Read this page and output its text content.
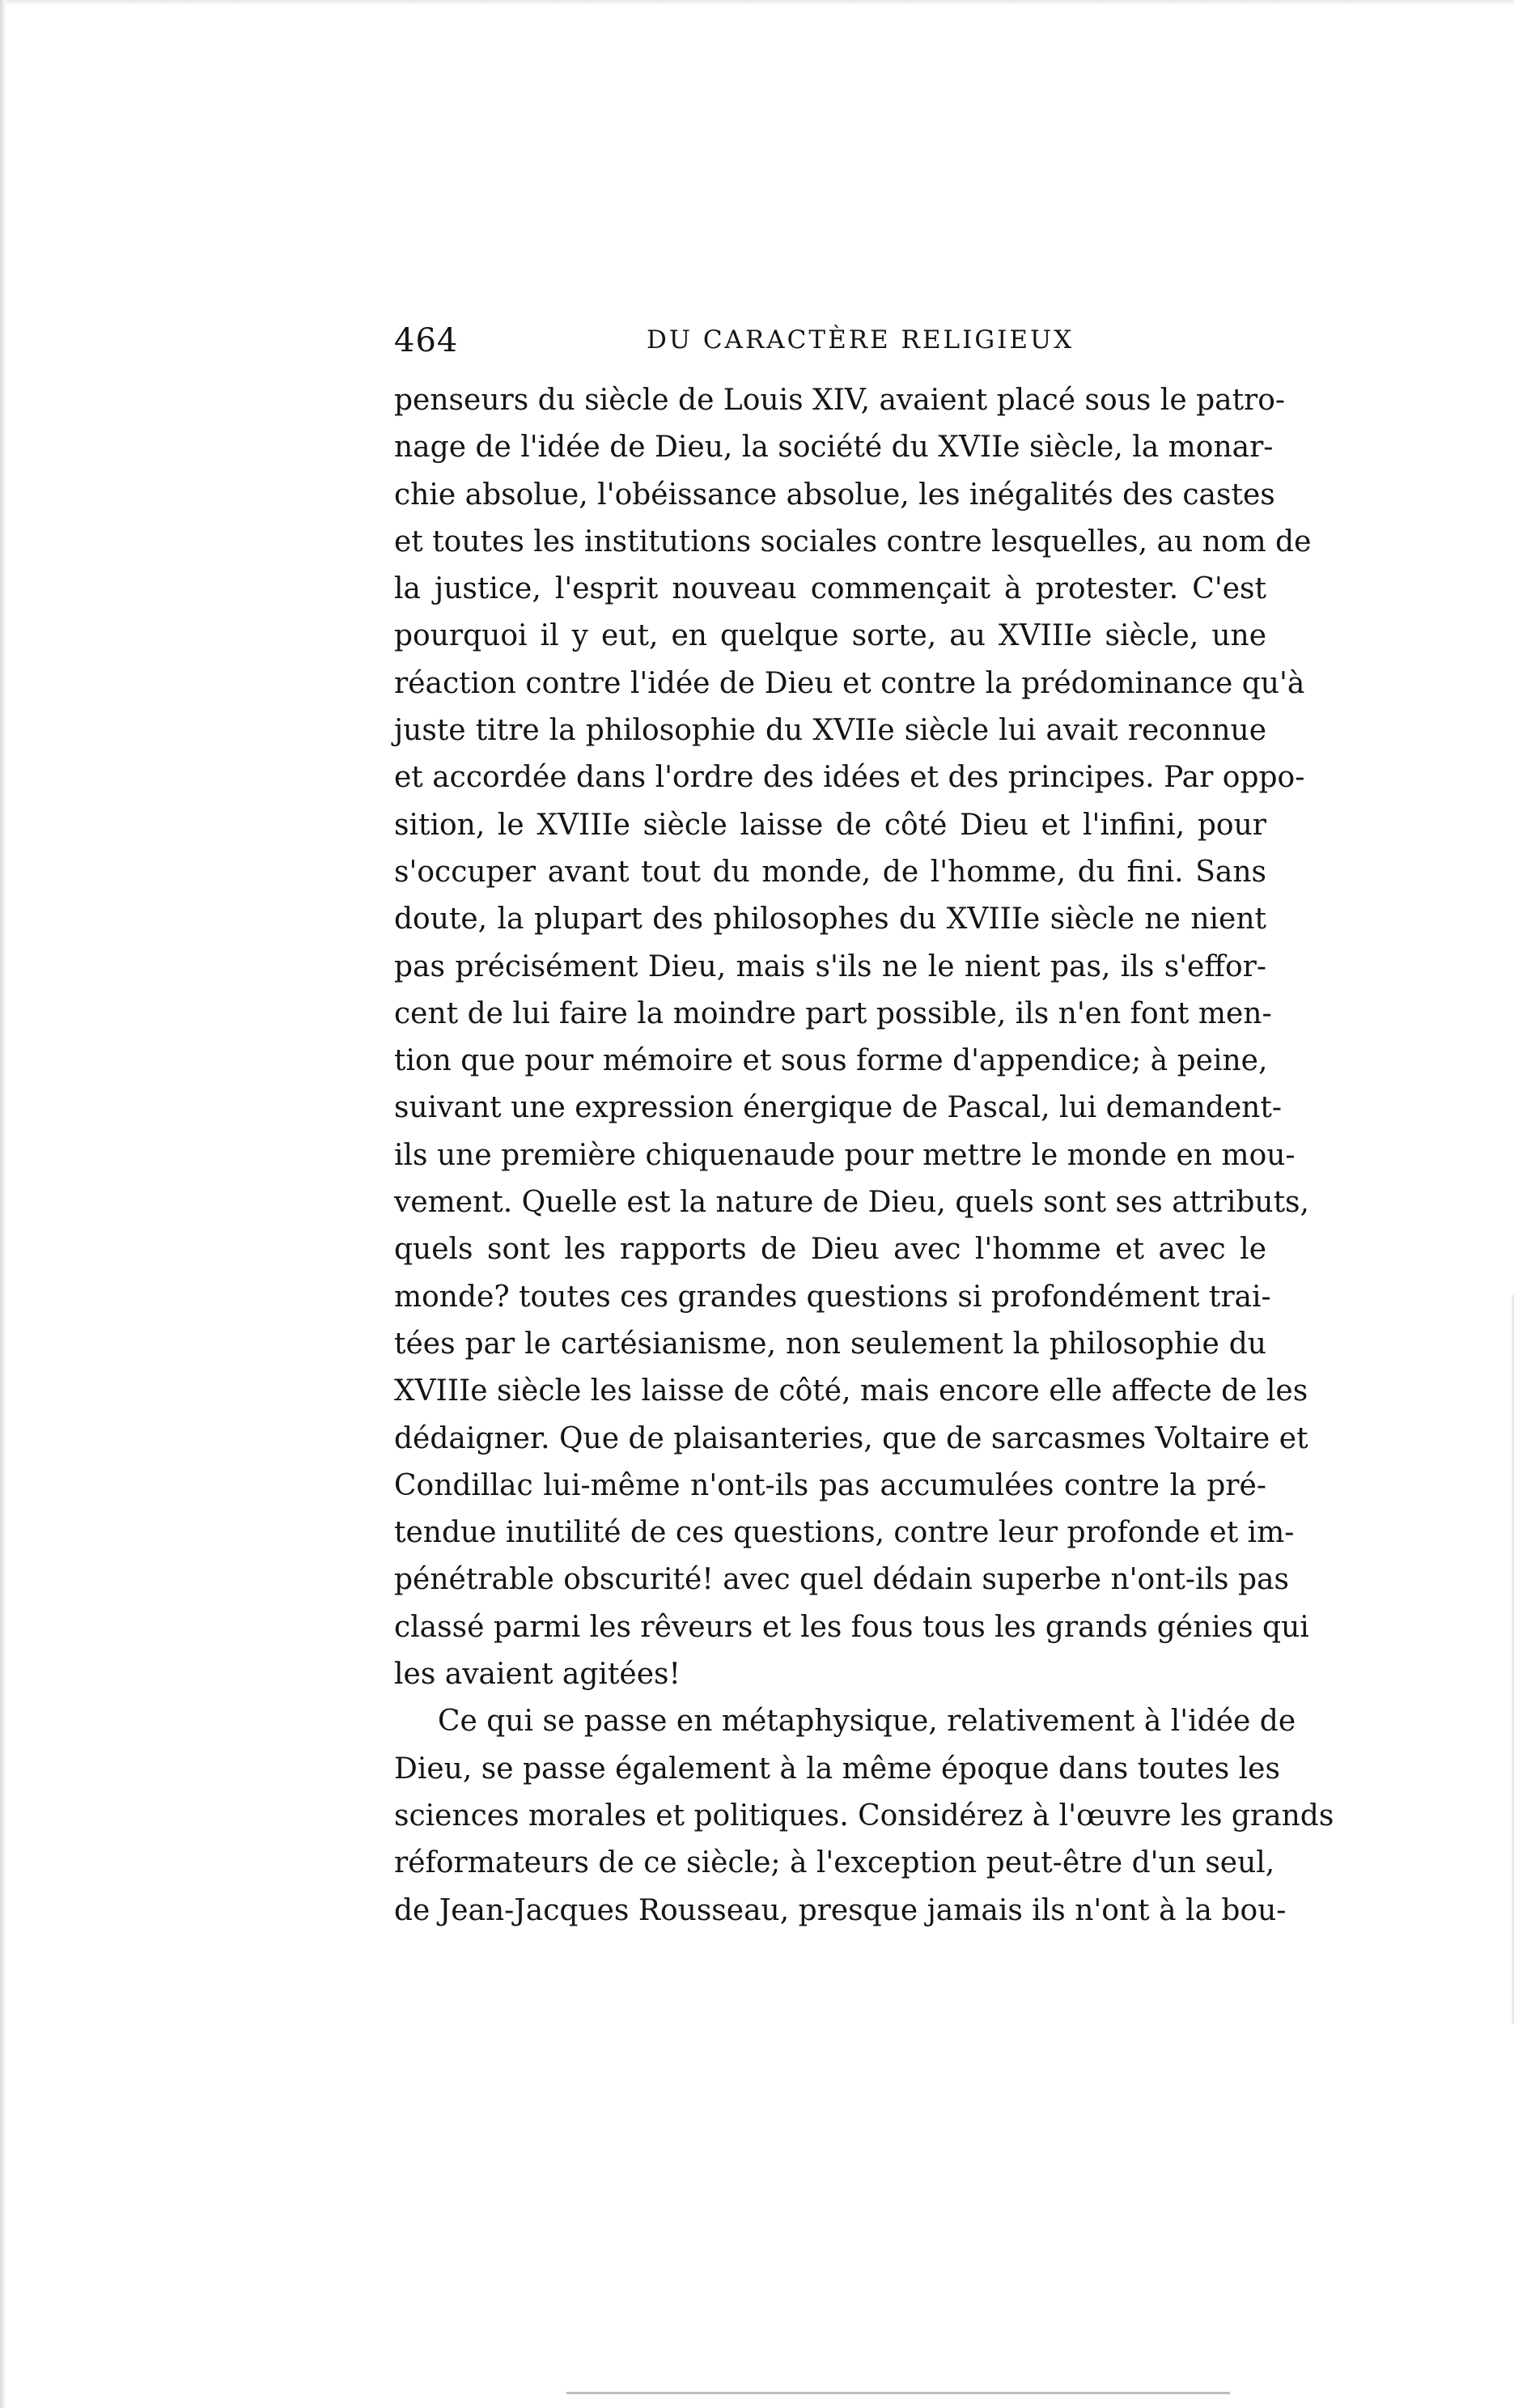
464	DU CARACTÈRE RELIGIEUX
penseurs du siècle de Louis XIV, avaient placé sous le patro-
nage de l'idée de Dieu, la société du XVIIe siècle, la monar-
chie absolue, l'obéissance absolue, les inégalités des castes
et toutes les institutions sociales contre lesquelles, au nom de
la justice, l'esprit nouveau commençait à protester. C'est
pourquoi il y eut, en quelque sorte, au XVIIIe siècle, une
réaction contre l'idée de Dieu et contre la prédominance qu'à
juste titre la philosophie du XVIIe siècle lui avait reconnue
et accordée dans l'ordre des idées et des principes. Par oppo-
sition, le XVIIIe siècle laisse de côté Dieu et l'infini, pour
s'occuper avant tout du monde, de l'homme, du fini. Sans
doute, la plupart des philosophes du XVIIIe siècle ne nient
pas précisément Dieu, mais s'ils ne le nient pas, ils s'effor-
cent de lui faire la moindre part possible, ils n'en font men-
tion que pour mémoire et sous forme d'appendice; à peine,
suivant une expression énergique de Pascal, lui demandent-
ils une première chiquenaude pour mettre le monde en mou-
vement. Quelle est la nature de Dieu, quels sont ses attributs,
quels sont les rapports de Dieu avec l'homme et avec le
monde? toutes ces grandes questions si profondément trai-
tées par le cartésianisme, non seulement la philosophie du
XVIIIe siècle les laisse de côté, mais encore elle affecte de les
dédaigner. Que de plaisanteries, que de sarcasmes Voltaire et
Condillac lui-même n'ont-ils pas accumulées contre la pré-
tendue inutilité de ces questions, contre leur profonde et im-
pénétrable obscurité! avec quel dédain superbe n'ont-ils pas
classé parmi les rêveurs et les fous tous les grands génies qui
les avaient agitées!
Ce qui se passe en métaphysique, relativement à l'idée de
Dieu, se passe également à la même époque dans toutes les
sciences morales et politiques. Considérez à l'œuvre les grands
réformateurs de ce siècle; à l'exception peut-être d'un seul,
de Jean-Jacques Rousseau, presque jamais ils n'ont à la bou-
